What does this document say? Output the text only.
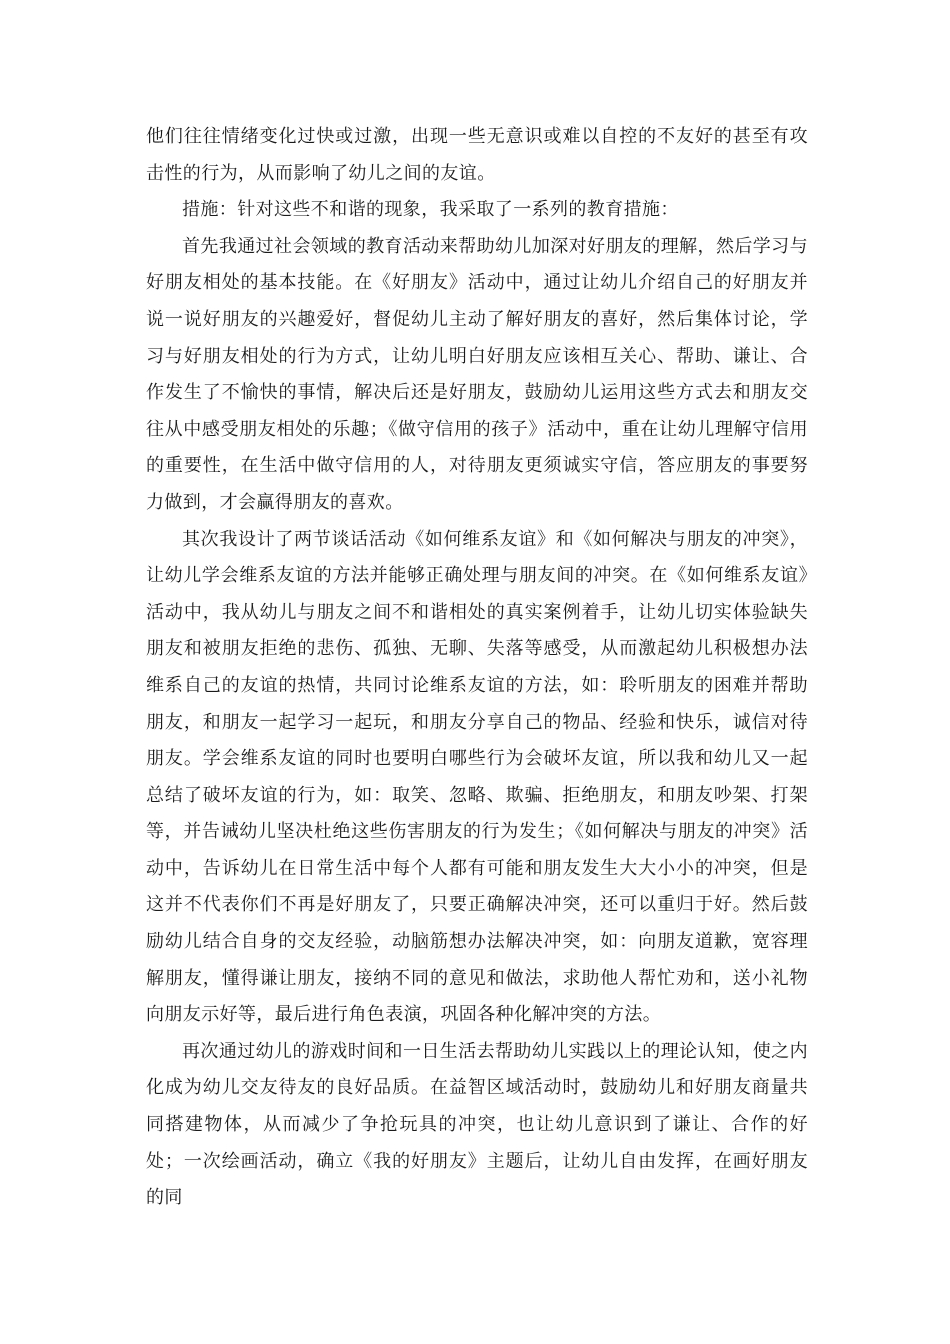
他们往往情绪变化过快或过激，出现一些无意识或难以自控的不友好的甚至有攻击性的行为，从而影响了幼儿之间的友谊。

措施：针对这些不和谐的现象，我采取了一系列的教育措施：

首先我通过社会领域的教育活动来帮助幼儿加深对好朋友的理解，然后学习与好朋友相处的基本技能。在《好朋友》活动中，通过让幼儿介绍自己的好朋友并说一说好朋友的兴趣爱好，督促幼儿主动了解好朋友的喜好，然后集体讨论，学习与好朋友相处的行为方式，让幼儿明白好朋友应该相互关心、帮助、谦让、合作发生了不愉快的事情，解决后还是好朋友，鼓励幼儿运用这些方式去和朋友交往从中感受朋友相处的乐趣；《做守信用的孩子》活动中，重在让幼儿理解守信用的重要性，在生活中做守信用的人，对待朋友更须诚实守信，答应朋友的事要努力做到，才会赢得朋友的喜欢。

其次我设计了两节谈话活动《如何维系友谊》和《如何解决与朋友的冲突》，让幼儿学会维系友谊的方法并能够正确处理与朋友间的冲突。在《如何维系友谊》活动中，我从幼儿与朋友之间不和谐相处的真实案例着手，让幼儿切实体验缺失朋友和被朋友拒绝的悲伤、孤独、无聊、失落等感受，从而激起幼儿积极想办法维系自己的友谊的热情，共同讨论维系友谊的方法，如：聆听朋友的困难并帮助朋友，和朋友一起学习一起玩，和朋友分享自己的物品、经验和快乐，诚信对待朋友。学会维系友谊的同时也要明白哪些行为会破坏友谊，所以我和幼儿又一起总结了破坏友谊的行为，如：取笑、忽略、欺骗、拒绝朋友，和朋友吵架、打架等，并告诫幼儿坚决杜绝这些伤害朋友的行为发生；《如何解决与朋友的冲突》活动中，告诉幼儿在日常生活中每个人都有可能和朋友发生大大小小的冲突，但是这并不代表你们不再是好朋友了，只要正确解决冲突，还可以重归于好。然后鼓励幼儿结合自身的交友经验，动脑筋想办法解决冲突，如：向朋友道歉，宽容理解朋友，懂得谦让朋友，接纳不同的意见和做法，求助他人帮忙劝和，送小礼物向朋友示好等，最后进行角色表演，巩固各种化解冲突的方法。

再次通过幼儿的游戏时间和一日生活去帮助幼儿实践以上的理论认知，使之内化成为幼儿交友待友的良好品质。在益智区域活动时，鼓励幼儿和好朋友商量共同搭建物体，从而减少了争抢玩具的冲突，也让幼儿意识到了谦让、合作的好处；一次绘画活动，确立《我的好朋友》主题后，让幼儿自由发挥，在画好朋友的同
